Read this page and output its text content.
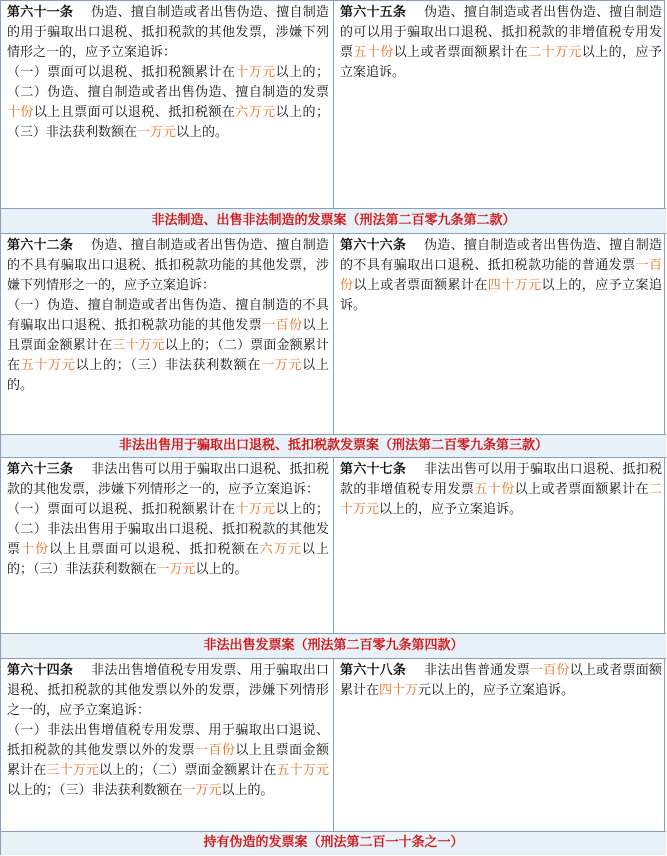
第六十一条 伪造、擅自制造或者出售伪造、擅自制造的用于骗取出口退税、抵扣税款的其他发票，涉嫌下列情形之一的，应予立案追诉：
（一）票面可以退税、抵扣税额累计在十万元以上的；（二）伪造、擅自制造或者出售伪造、擅自制造的发票十份以上且票面可以退税、抵扣税额在六万元以上的；（三）非法获利数额在一万元以上的。
第六十五条 伪造、擅自制造或者出售伪造、擅自制造的可以用于骗取出口退税、抵扣税款的非增值税专用发票五十份以上或者票面额累计在二十万元以上的，应予立案追诉。
非法制造、出售非法制造的发票案（刑法第二百零九条第二款）
第六十二条 伪造、擅自制造或者出售伪造、擅自制造的不具有骗取出口退税、抵扣税款功能的其他发票，涉嫌下列情形之一的，应予立案追诉：
（一）伪造、擅自制造或者出售伪造、擅自制造的不具有骗取出口退税、抵扣税款功能的其他发票一百份以上且票面金额累计在三十万元以上的；（二）票面金额累计在五十万元以上的；（三）非法获利数额在一万元以上的。
第六十六条 伪造、擅自制造或者出售伪造、擅自制造的不具有骗取出口退税、抵扣税款功能的普通发票一百份以上或者票面额累计在四十万元以上的，应予立案追诉。
非法出售用于骗取出口退税、抵扣税款发票案（刑法第二百零九条第三款）
第六十三条 非法出售可以用于骗取出口退税、抵扣税款的其他发票，涉嫌下列情形之一的，应予立案追诉：
（一）票面可以退税、抵扣税额累计在十万元以上的；（二）非法出售用于骗取出口退税、抵扣税款的其他发票十份以上且票面可以退税、抵扣税额在六万元以上的；（三）非法获利数额在一万元以上的。
第六十七条 非法出售可以用于骗取出口退税、抵扣税款的非增值税专用发票五十份以上或者票面额累计在二十万元以上的，应予立案追诉。
非法出售发票案（刑法第二百零九条第四款）
第六十四条 非法出售增值税专用发票、用于骗取出口退税、抵扣税款的其他发票以外的发票，涉嫌下列情形之一的，应予立案追诉：
（一）非法出售增值税专用发票、用于骗取出口退说、抵扣税款的其他发票以外的发票一百份以上且票面金额累计在三十万元以上的；（二）票面金额累计在五十万元以上的；（三）非法获利数额在一万元以上的。
第六十八条 非法出售普通发票一百份以上或者票面额累计在四十万元以上的，应予立案追诉。
持有伪造的发票案（刑法第二百一十条之一）
